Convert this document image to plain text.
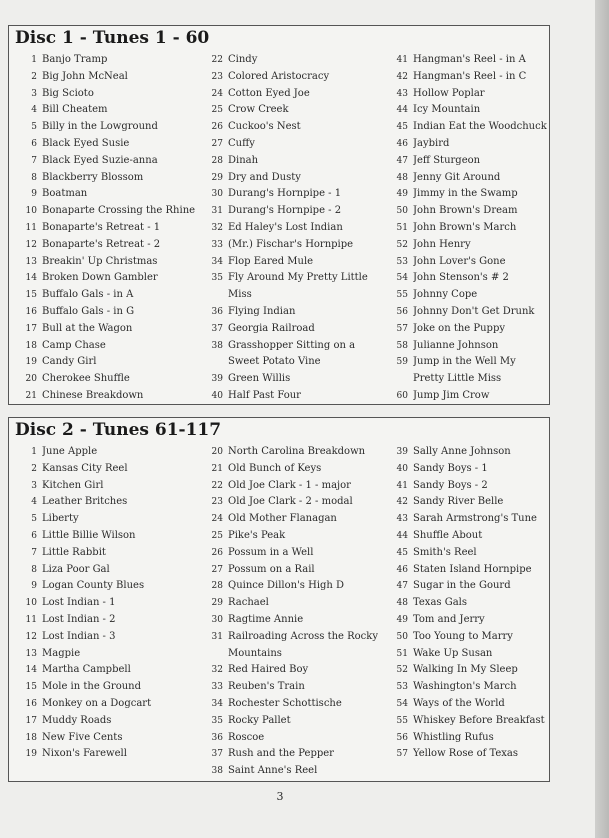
Disc 1 - Tunes 1 - 60
1 Banjo Tramp
2 Big John McNeal
3 Big Scioto
4 Bill Cheatem
5 Billy in the Lowground
6 Black Eyed Susie
7 Black Eyed Suzie-anna
8 Blackberry Blossom
9 Boatman
10 Bonaparte Crossing the Rhine
11 Bonaparte's Retreat - 1
12 Bonaparte's Retreat - 2
13 Breakin' Up Christmas
14 Broken Down Gambler
15 Buffalo Gals - in A
16 Buffalo Gals - in G
17 Bull at the Wagon
18 Camp Chase
19 Candy Girl
20 Cherokee Shuffle
21 Chinese Breakdown
22 Cindy
23 Colored Aristocracy
24 Cotton Eyed Joe
25 Crow Creek
26 Cuckoo's Nest
27 Cuffy
28 Dinah
29 Dry and Dusty
30 Durang's Hornpipe - 1
31 Durang's Hornpipe - 2
32 Ed Haley's Lost Indian
33 (Mr.) Fischar's Hornpipe
34 Flop Eared Mule
35 Fly Around My Pretty Little Miss
36 Flying Indian
37 Georgia Railroad
38 Grasshopper Sitting on a Sweet Potato Vine
39 Green Willis
40 Half Past Four
41 Hangman's Reel - in A
42 Hangman's Reel - in C
43 Hollow Poplar
44 Icy Mountain
45 Indian Eat the Woodchuck
46 Jaybird
47 Jeff Sturgeon
48 Jenny Git Around
49 Jimmy in the Swamp
50 John Brown's Dream
51 John Brown's March
52 John Henry
53 John Lover's Gone
54 John Stenson's # 2
55 Johnny Cope
56 Johnny Don't Get Drunk
57 Joke on the Puppy
58 Julianne Johnson
59 Jump in the Well My Pretty Little Miss
60 Jump Jim Crow
Disc 2 - Tunes 61-117
1 June Apple
2 Kansas City Reel
3 Kitchen Girl
4 Leather Britches
5 Liberty
6 Little Billie Wilson
7 Little Rabbit
8 Liza Poor Gal
9 Logan County Blues
10 Lost Indian - 1
11 Lost Indian - 2
12 Lost Indian - 3
13 Magpie
14 Martha Campbell
15 Mole in the Ground
16 Monkey on a Dogcart
17 Muddy Roads
18 New Five Cents
19 Nixon's Farewell
20 North Carolina Breakdown
21 Old Bunch of Keys
22 Old Joe Clark - 1 - major
23 Old Joe Clark - 2 - modal
24 Old Mother Flanagan
25 Pike's Peak
26 Possum in a Well
27 Possum on a Rail
28 Quince Dillon's High D
29 Rachael
30 Ragtime Annie
31 Railroading Across the Rocky Mountains
32 Red Haired Boy
33 Reuben's Train
34 Rochester Schottische
35 Rocky Pallet
36 Roscoe
37 Rush and the Pepper
38 Saint Anne's Reel
39 Sally Anne Johnson
40 Sandy Boys - 1
41 Sandy Boys - 2
42 Sandy River Belle
43 Sarah Armstrong's Tune
44 Shuffle About
45 Smith's Reel
46 Staten Island Hornpipe
47 Sugar in the Gourd
48 Texas Gals
49 Tom and Jerry
50 Too Young to Marry
51 Wake Up Susan
52 Walking In My Sleep
53 Washington's March
54 Ways of the World
55 Whiskey Before Breakfast
56 Whistling Rufus
57 Yellow Rose of Texas
3
